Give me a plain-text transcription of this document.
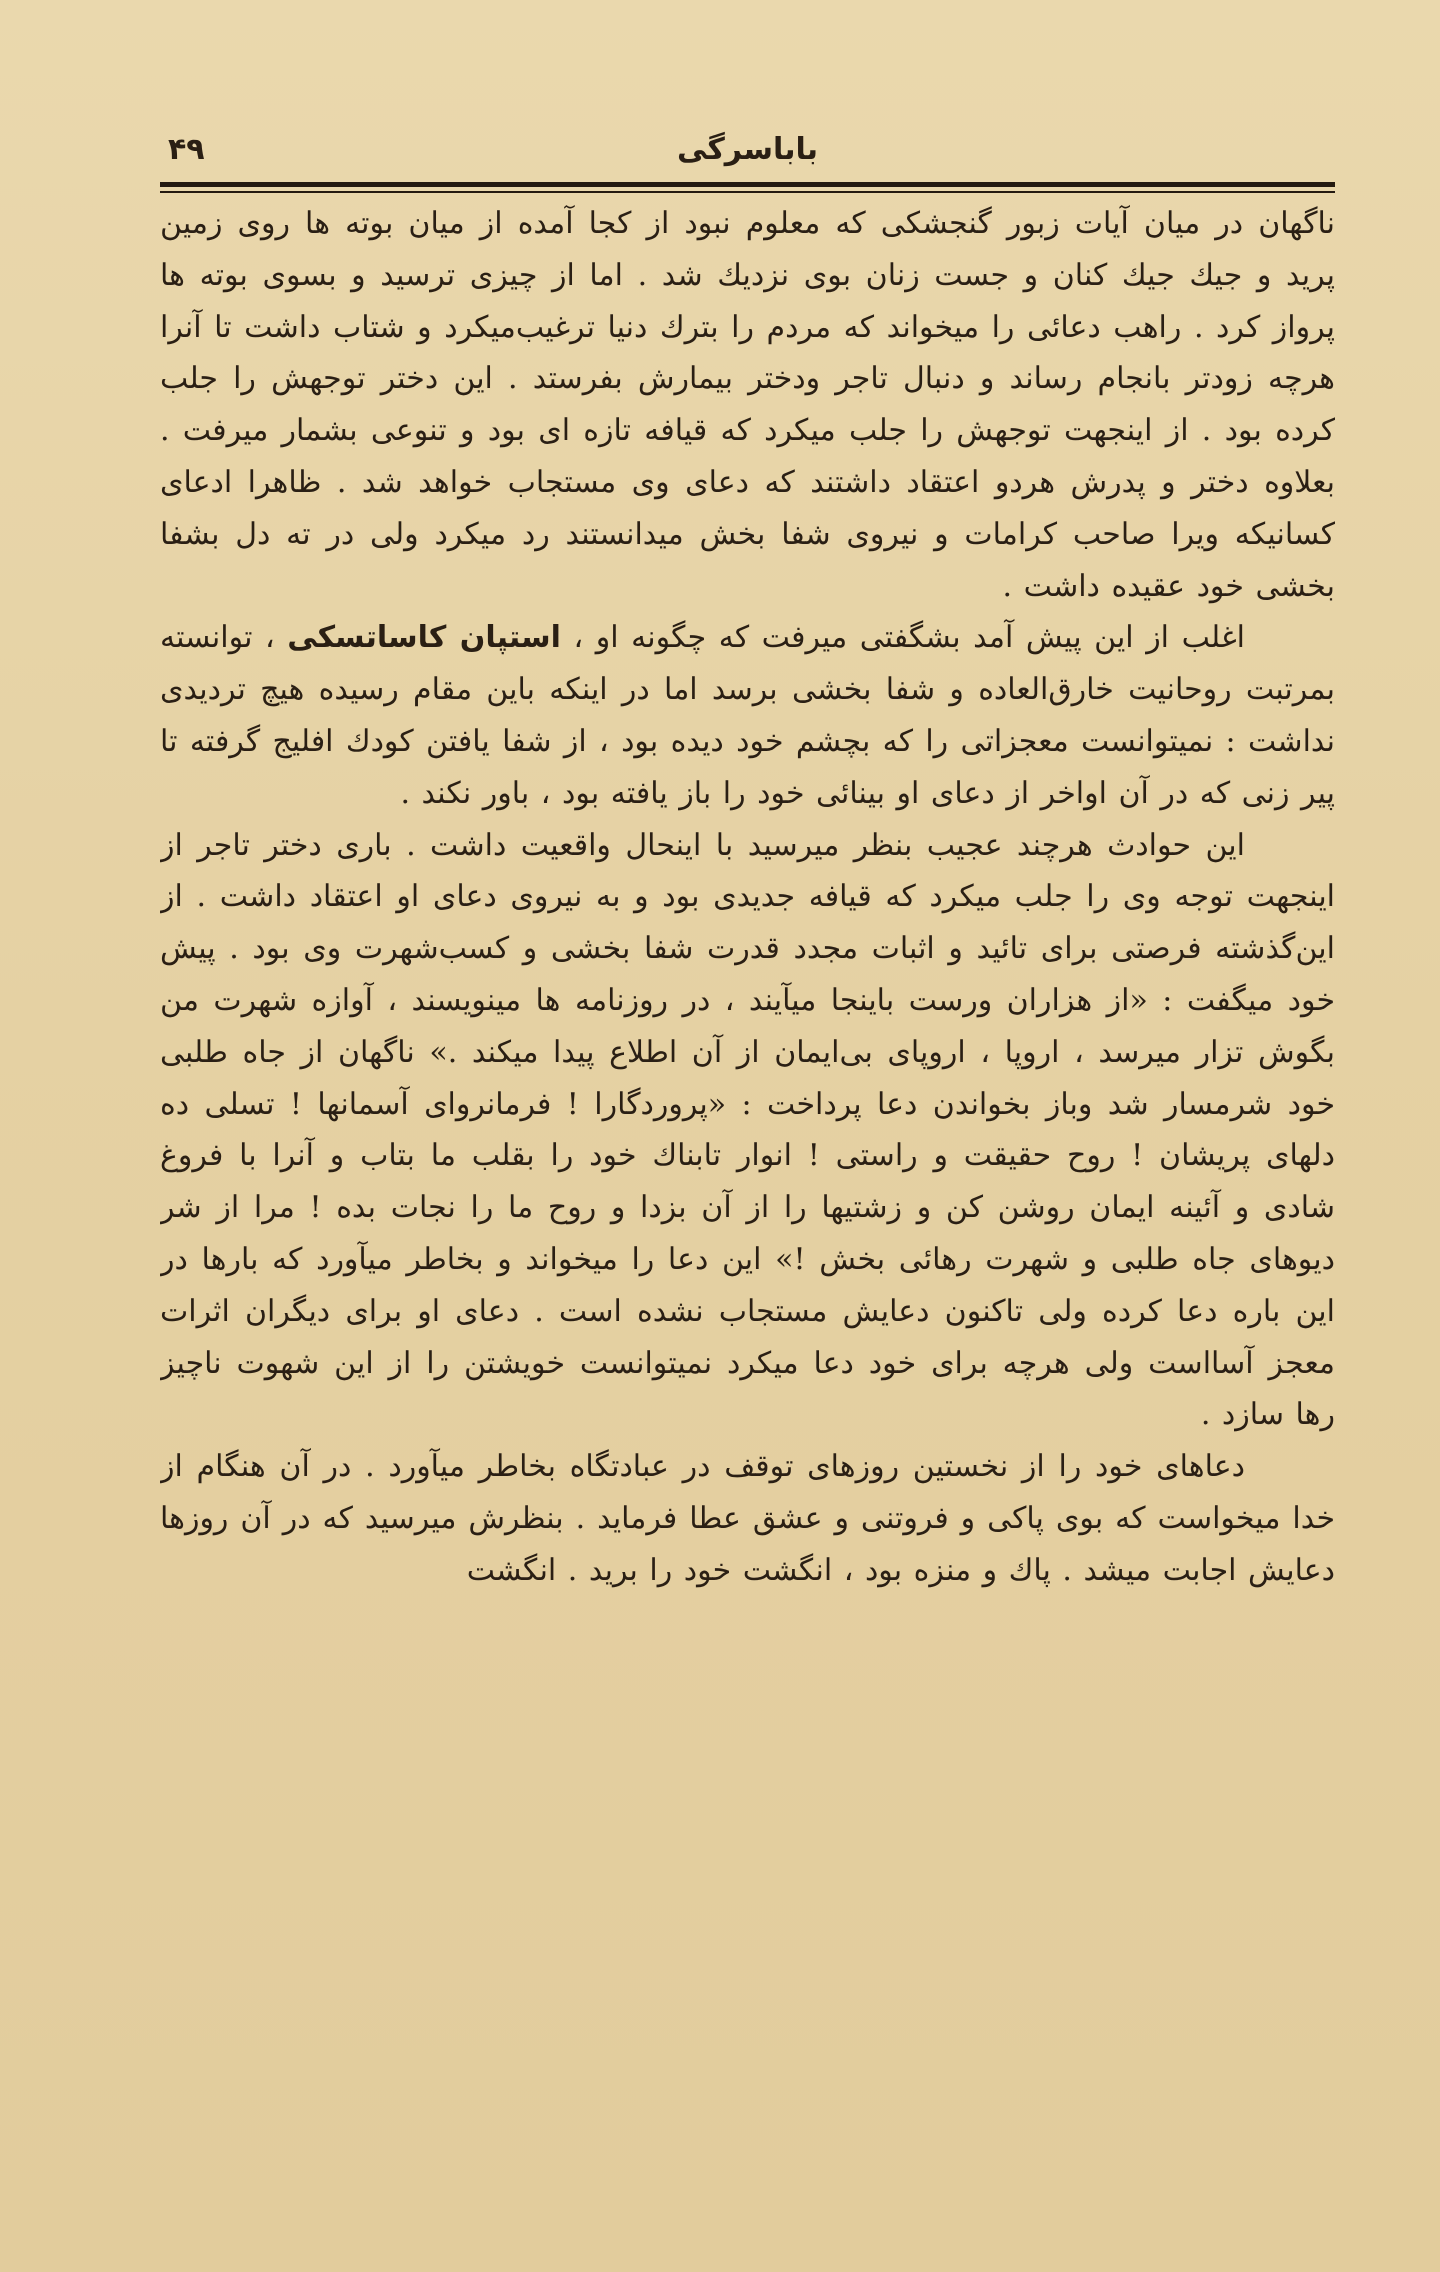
باباسرگی
۴۹

ناگهان در میان آیات زبور گنجشکی که معلوم نبود از کجا آمده از میان بوته ها روی زمین پرید و جیك جیك کنان و جست زنان بوی نزدیك شد . اما از چیزی ترسید و بسوی بوته ها پرواز کرد . راهب دعائی را میخواند که مردم را بترك دنیا ترغیب‌میکرد و شتاب داشت تا آنرا هرچه زودتر بانجام رساند و دنبال تاجر ودختر بیمارش بفرستد . این دختر توجهش را جلب کرده بود . از اینجهت توجهش را جلب میکرد که قیافه تازه ای بود و تنوعی بشمار میرفت . بعلاوه دختر و پدرش هردو اعتقاد داشتند که دعای وی مستجاب خواهد شد . ظاهرا ادعای کسانیکه ویرا صاحب کرامات و نیروی شفا بخش میدانستند رد میکرد ولی در ته دل بشفا بخشی خود عقیده داشت .

اغلب از این پیش آمد بشگفتی میرفت که چگونه او ، استپان کاساتسکی ، توانسته بمرتبت روحانیت خارق‌العاده و شفا بخشی برسد اما در اینکه باین مقام رسیده هیچ تردیدی نداشت : نمیتوانست معجزاتی را که بچشم خود دیده بود ، از شفا یافتن کودك افلیج گرفته تا پیر زنی که در آن اواخر از دعای او بینائی خود را باز یافته بود ، باور نکند .

این حوادث هرچند عجیب بنظر میرسید با اینحال واقعیت داشت . باری دختر تاجر از اینجهت توجه وی را جلب میکرد که قیافه جدیدی بود و به نیروی دعای او اعتقاد داشت . از این‌گذشته فرصتی برای تائید و اثبات مجدد قدرت شفا بخشی و کسب‌شهرت وی بود . پیش خود میگفت : «از هزاران ورست باینجا میآیند ، در روزنامه ها مینویسند ، آوازه شهرت من بگوش تزار میرسد ، اروپا ، اروپای بی‌ایمان از آن اطلاع پیدا میکند .» ناگهان از جاه طلبی خود شرمسار شد وباز بخواندن دعا پرداخت : «پروردگارا ! فرمانروای آسمانها ! تسلی ده دلهای پریشان ! روح حقیقت و راستی ! انوار تابناك خود را بقلب ما بتاب و آنرا با فروغ شادی و آئینه ایمان روشن کن و زشتیها را از آن بزدا و روح ما را نجات بده ! مرا از شر دیوهای جاه طلبی و شهرت رهائی بخش !» این دعا را میخواند و بخاطر میآورد که بارها در این باره دعا کرده ولی تاکنون دعایش مستجاب نشده است . دعای او برای دیگران اثرات معجز آسااست ولی هرچه برای خود دعا میکرد نمیتوانست خویشتن را از این شهوت ناچیز رها سازد .

دعاهای خود را از نخستین روزهای توقف در عبادتگاه بخاطر میآورد . در آن هنگام از خدا میخواست که بوی پاکی و فروتنی و عشق عطا فرماید . بنظرش میرسید که در آن روزها دعایش اجابت میشد . پاك و منزه بود ، انگشت خود را برید . انگشت
